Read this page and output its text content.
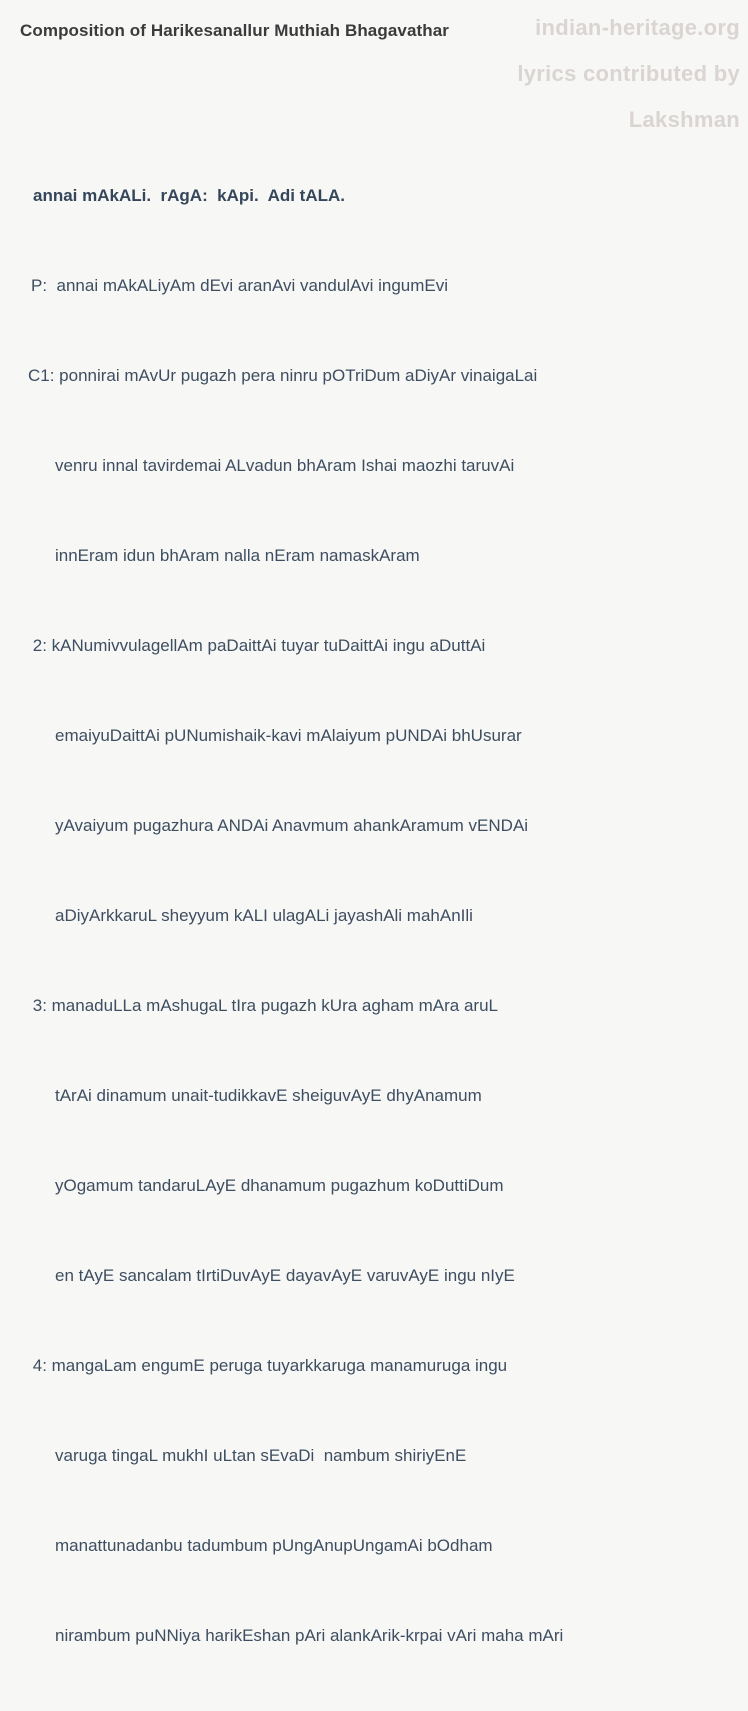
Composition of Harikesanallur Muthiah Bhagavathar	indian-heritage.org
lyrics contributed by
Lakshman

annai mAkALi.  rAgA:  kApi.  Adi tALA.

P:  annai mAkALiyAm dEvi aranAvi vandulAvi ingumEvi

C1: ponnirai mAvUr pugazh pera ninru pOTriDum aDiyAr vinaigaLai

venru innal tavirdemai ALvadun bhAram Ishai maozhi taruvAi

innEram idun bhAram nalla nEram namaskAram

2: kANumivvulagellAm paDaittAi tuyar tuDaittAi ingu aDuttAi

emaiyuDaittAi pUNumishaik-kavi mAlaiyum pUNDAi bhUsurar

yAvaiyum pugazhura ANDAi Anavmum ahankAramum vENDAi

aDiyArkkaruL sheyyum kALI ulagALi jayashAli mahAnIli

3: manaduLLa mAshugaL tIra pugazh kUra agham mAra aruL

tArAi dinamum unait-tudikkavE sheiguvAyE dhyAnamum

yOgamum tandaruLAyE dhanamum pugazhum koDuttiDum

en tAyE sancalam tIrtiDuvAyE dayavAyE varuvAyE ingu nIyE

4: mangaLam engumE peruga tuyarkkaruga manamuruga ingu

varuga tingaL mukhI uLtan sEvaDi  nambum shiriyEnE

manattunadanbu tadumbum pUngAnupUngamAi bOdham

nirambum puNNiya harikEshan pAri alankArik-krpai vAri maha mAri
